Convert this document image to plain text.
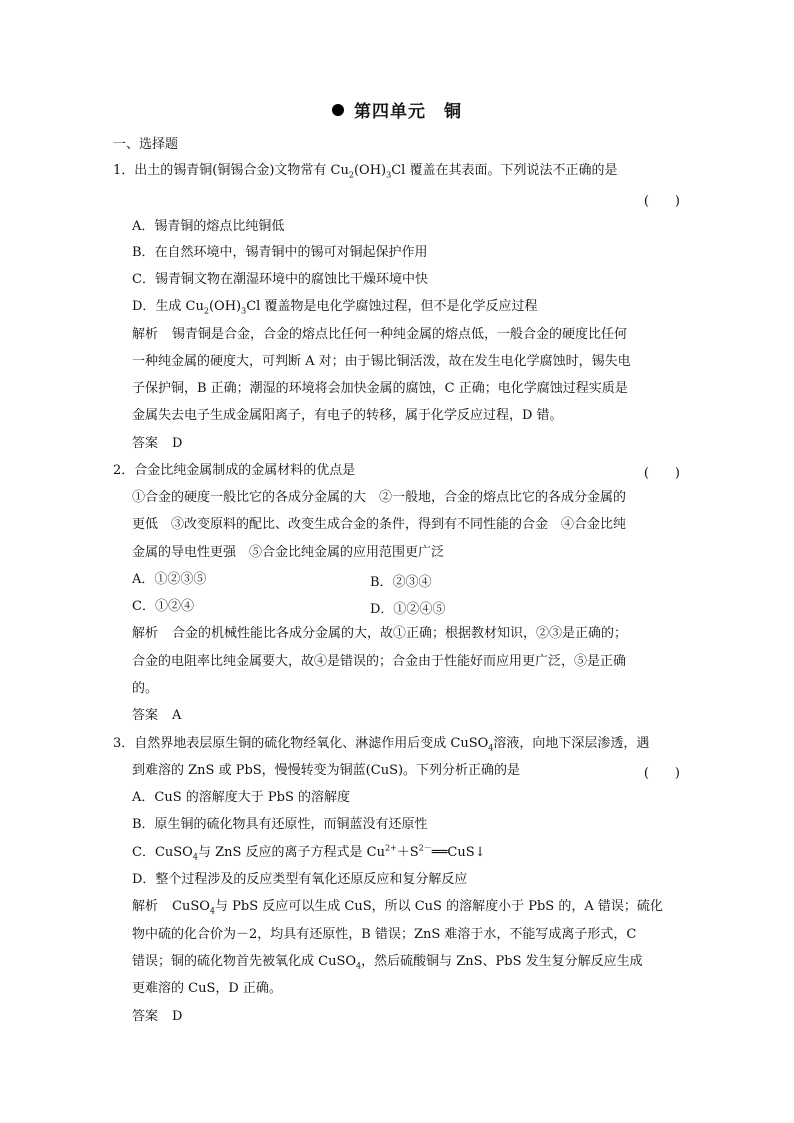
第四单元　铜
一、选择题
1．出土的锡青铜(铜锡合金)文物常有 $Cu_2(OH)_3Cl$ 覆盖在其表面。下列说法不正确的是
(　　)
A．锡青铜的熔点比纯铜低
B．在自然环境中，锡青铜中的锡可对铜起保护作用
C．锡青铜文物在潮湿环境中的腐蚀比干燥环境中快
D．生成 $Cu_2(OH)_3Cl$ 覆盖物是电化学腐蚀过程，但不是化学反应过程
解析 锡青铜是合金，合金的熔点比任何一种纯金属的熔点低，一般合金的硬度比任何
一种纯金属的硬度大，可判断 A 对；由于锡比铜活泼，故在发生电化学腐蚀时，锡失电
子保护铜，B 正确；潮湿的环境将会加快金属的腐蚀，C 正确；电化学腐蚀过程实质是
金属失去电子生成金属阳离子，有电子的转移，属于化学反应过程，D 错。
答案 D
2．合金比纯金属制成的金属材料的优点是	(　　)
①合金的硬度一般比它的各成分金属的大　②一般地，合金的熔点比它的各成分金属的
更低　③改变原料的配比、改变生成合金的条件，得到有不同性能的合金　④合金比纯
金属的导电性更强　⑤合金比纯金属的应用范围更广泛
A．①②③⑤	B．②③④
C．①②④	D．①②④⑤
解析 合金的机械性能比各成分金属的大，故①正确；根据教材知识，②③是正确的；
合金的电阻率比纯金属要大，故④是错误的；合金由于性能好而应用更广泛，⑤是正确
的。
答案 A
3．自然界地表层原生铜的硫化物经氧化、淋滤作用后变成 CuSO$_4$溶液，向地下深层渗透，遇
到难溶的 ZnS 或 PbS，慢慢转变为铜蓝(CuS)。下列分析正确的是	(　　)
A．CuS 的溶解度大于 PbS 的溶解度
B．原生铜的硫化物具有还原性，而铜蓝没有还原性
C．CuSO$_4$与 ZnS 反应的离子方程式是 $Cu^{2+}+S^{2-}══CuS↓$
D．整个过程涉及的反应类型有氧化还原反应和复分解反应
解析 CuSO$_4$与 PbS 反应可以生成 CuS，所以 CuS 的溶解度小于 PbS 的，A 错误；硫化
物中硫的化合价为－2，均具有还原性，B 错误；ZnS 难溶于水，不能写成离子形式，C
错误；铜的硫化物首先被氧化成 CuSO$_4$，然后硫酸铜与 ZnS、PbS 发生复分解反应生成
更难溶的 CuS，D 正确。
答案 D
